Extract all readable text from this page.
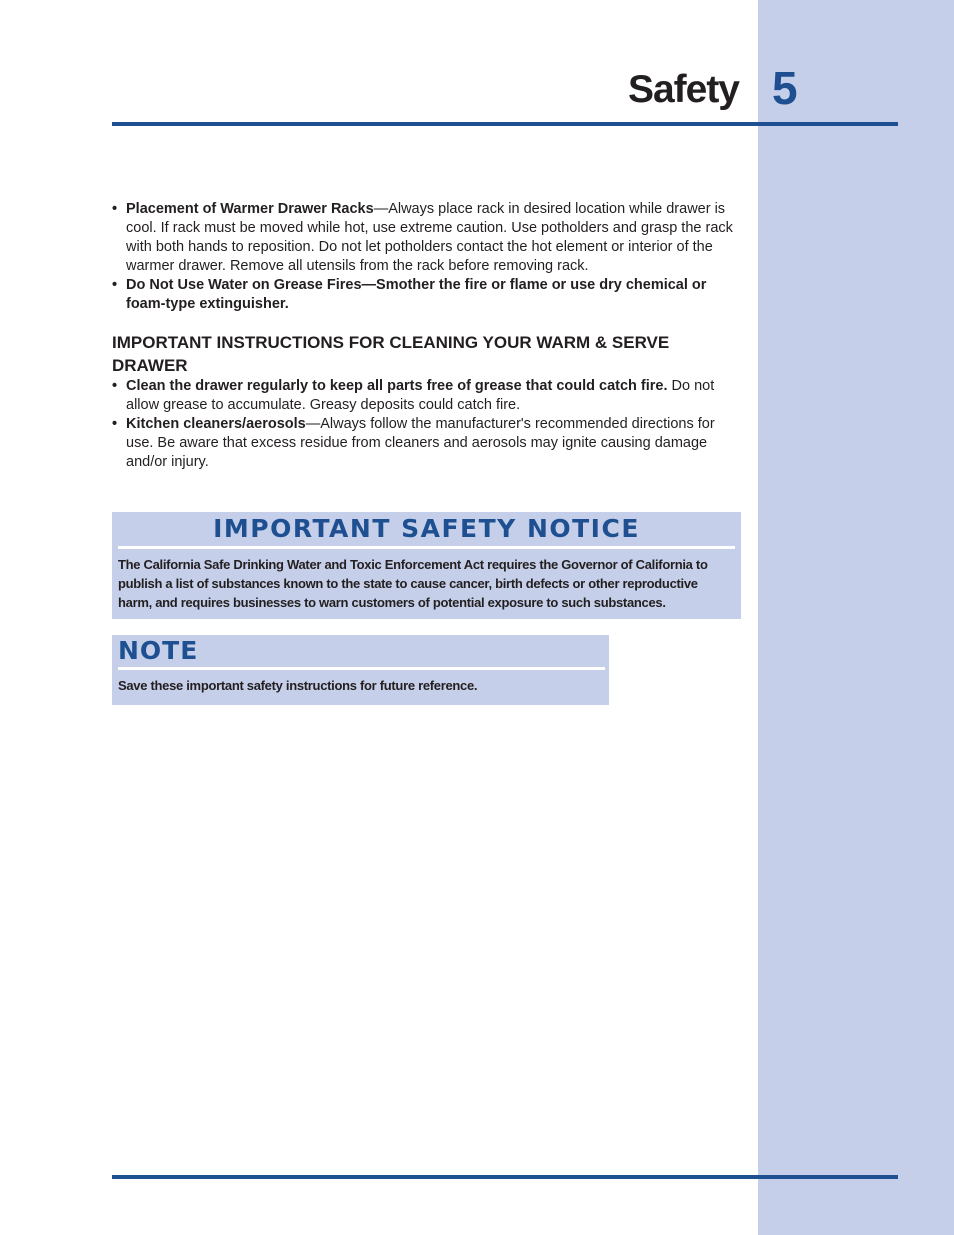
Safety 5
• Placement of Warmer Drawer Racks—Always place rack in desired location while drawer is cool. If rack must be moved while hot, use extreme caution. Use potholders and grasp the rack with both hands to reposition. Do not let potholders contact the hot element or interior of the warmer drawer. Remove all utensils from the rack before removing rack.
• Do Not Use Water on Grease Fires—Smother the fire or flame or use dry chemical or foam-type extinguisher.
IMPORTANT INSTRUCTIONS FOR CLEANING YOUR WARM & SERVE DRAWER
• Clean the drawer regularly to keep all parts free of grease that could catch fire. Do not allow grease to accumulate. Greasy deposits could catch fire.
• Kitchen cleaners/aerosols—Always follow the manufacturer's recommended directions for use. Be aware that excess residue from cleaners and aerosols may ignite causing damage and/or injury.
IMPORTANT SAFETY NOTICE
The California Safe Drinking Water and Toxic Enforcement Act requires the Governor of California to publish a list of substances known to the state to cause cancer, birth defects or other reproductive harm, and requires businesses to warn customers of potential exposure to such substances.
NOTE
Save these important safety instructions for future reference.
